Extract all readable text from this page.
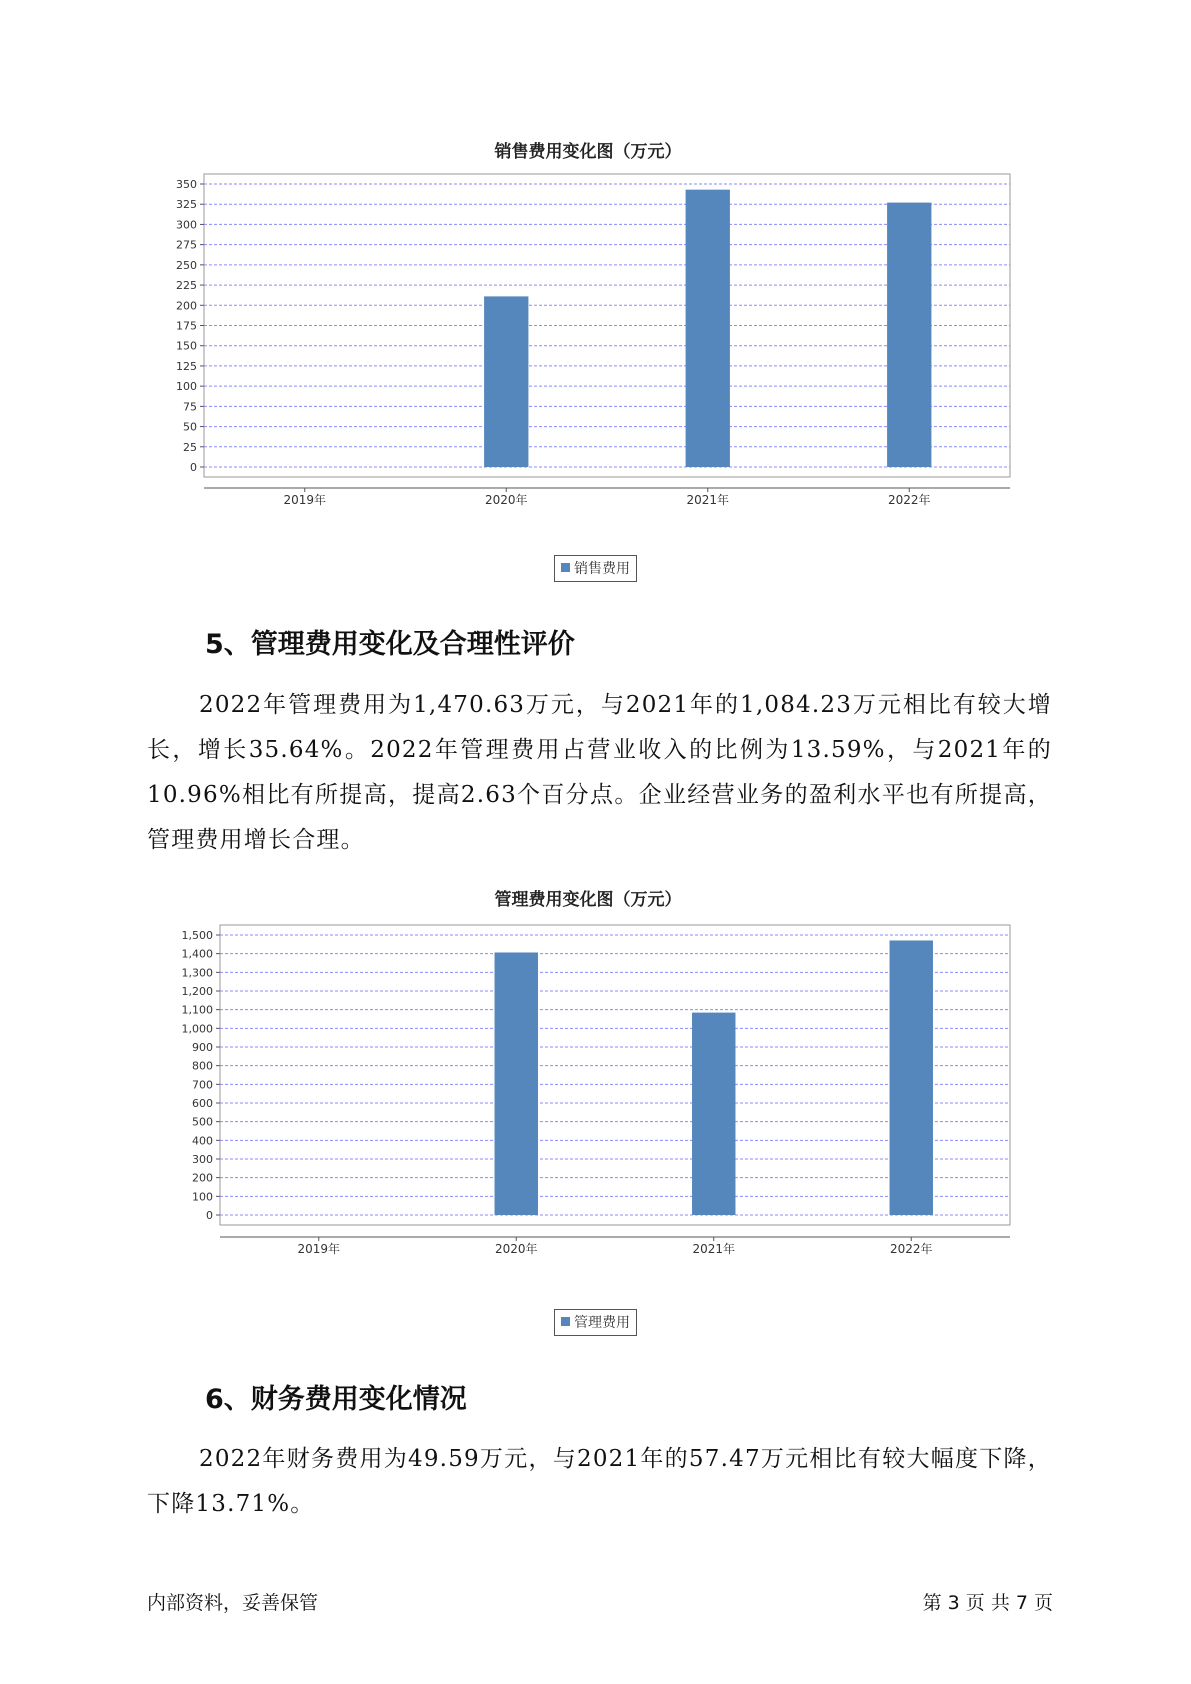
销售费用变化图（万元）
0
25
50
75
100
125
150
175
200
225
250
275
300
325
350
2019年	2020年	2021年	2022年
销售费用
5、管理费用变化及合理性评价
2022年管理费用为1,470.63万元，与2021年的1,084.23万元相比有较大增长，增长35.64%。2022年管理费用占营业收入的比例为13.59%，与2021年的10.96%相比有所提高，提高2.63个百分点。企业经营业务的盈利水平也有所提高，管理费用增长合理。
管理费用变化图（万元）
0
100
200
300
400
500
600
700
800
900
1,000
1,100
1,200
1,300
1,400
1,500
2019年	2020年	2021年	2022年
管理费用
6、财务费用变化情况
2022年财务费用为49.59万元，与2021年的57.47万元相比有较大幅度下降，下降13.71%。
内部资料，妥善保管	第 3 页 共 7 页
